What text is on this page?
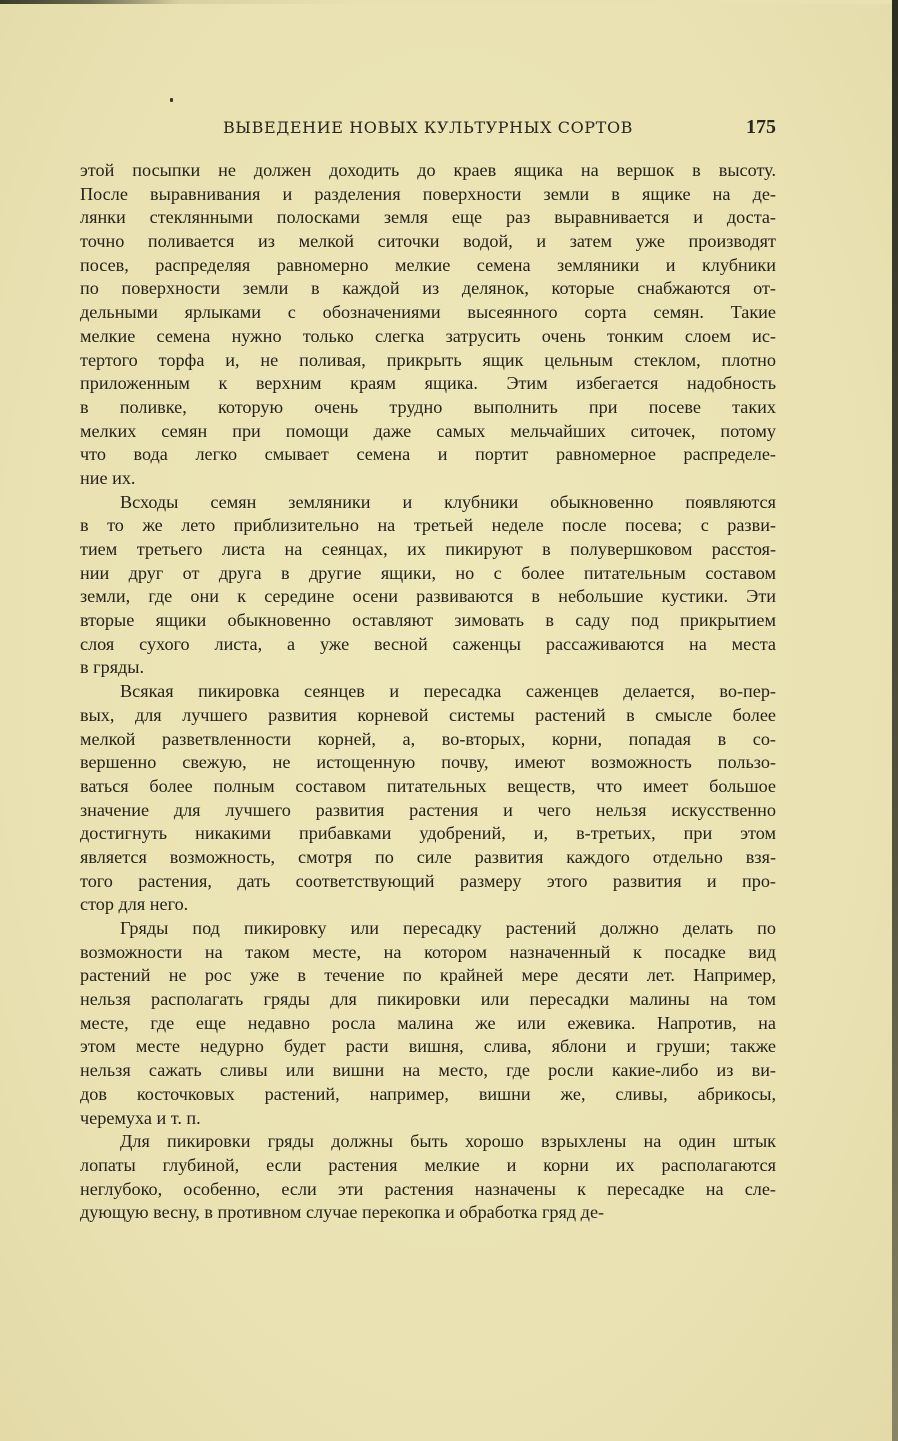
ВЫВЕДЕНИЕ НОВЫХ КУЛЬТУРНЫХ СОРТОВ	175
этой посыпки не должен доходить до краев ящика на вершок в высоту.
После выравнивания и разделения поверхности земли в ящике на де-
лянки стеклянными полосками земля еще раз выравнивается и доста-
точно поливается из мелкой ситочки водой, и затем уже производят
посев, распределяя равномерно мелкие семена земляники и клубники
по поверхности земли в каждой из делянок, которые снабжаются от-
дельными ярлыками с обозначениями высеянного сорта семян. Такие
мелкие семена нужно только слегка затрусить очень тонким слоем ис-
тертого торфа и, не поливая, прикрыть ящик цельным стеклом, плотно
приложенным к верхним краям ящика. Этим избегается надобность
в поливке, которую очень трудно выполнить при посеве таких
мелких семян при помощи даже самых мельчайших ситочек, потому
что вода легко смывает семена и портит равномерное распределе-
ние их.
Всходы семян земляники и клубники обыкновенно появляются
в то же лето приблизительно на третьей неделе после посева; с разви-
тием третьего листа на сеянцах, их пикируют в полувершковом расстоя-
нии друг от друга в другие ящики, но с более питательным составом
земли, где они к середине осени развиваются в небольшие кустики. Эти
вторые ящики обыкновенно оставляют зимовать в саду под прикрытием
слоя сухого листа, а уже весной саженцы рассаживаются на места
в гряды.
Всякая пикировка сеянцев и пересадка саженцев делается, во-пер-
вых, для лучшего развития корневой системы растений в смысле более
мелкой разветвленности корней, а, во-вторых, корни, попадая в со-
вершенно свежую, не истощенную почву, имеют возможность пользо-
ваться более полным составом питательных веществ, что имеет большое
значение для лучшего развития растения и чего нельзя искусственно
достигнуть никакими прибавками удобрений, и, в-третьих, при этом
является возможность, смотря по силе развития каждого отдельно взя-
того растения, дать соответствующий размеру этого развития и про-
стор для него.
Гряды под пикировку или пересадку растений должно делать по
возможности на таком месте, на котором назначенный к посадке вид
растений не рос уже в течение по крайней мере десяти лет. Например,
нельзя располагать гряды для пикировки или пересадки малины на том
месте, где еще недавно росла малина же или ежевика. Напротив, на
этом месте недурно будет расти вишня, слива, яблони и груши; также
нельзя сажать сливы или вишни на место, где росли какие-либо из ви-
дов косточковых растений, например, вишни же, сливы, абрикосы,
черемуха и т. п.
Для пикировки гряды должны быть хорошо взрыхлены на один штык
лопаты глубиной, если растения мелкие и корни их располагаются
неглубоко, особенно, если эти растения назначены к пересадке на сле-
дующую весну, в противном случае перекопка и обработка гряд де-
